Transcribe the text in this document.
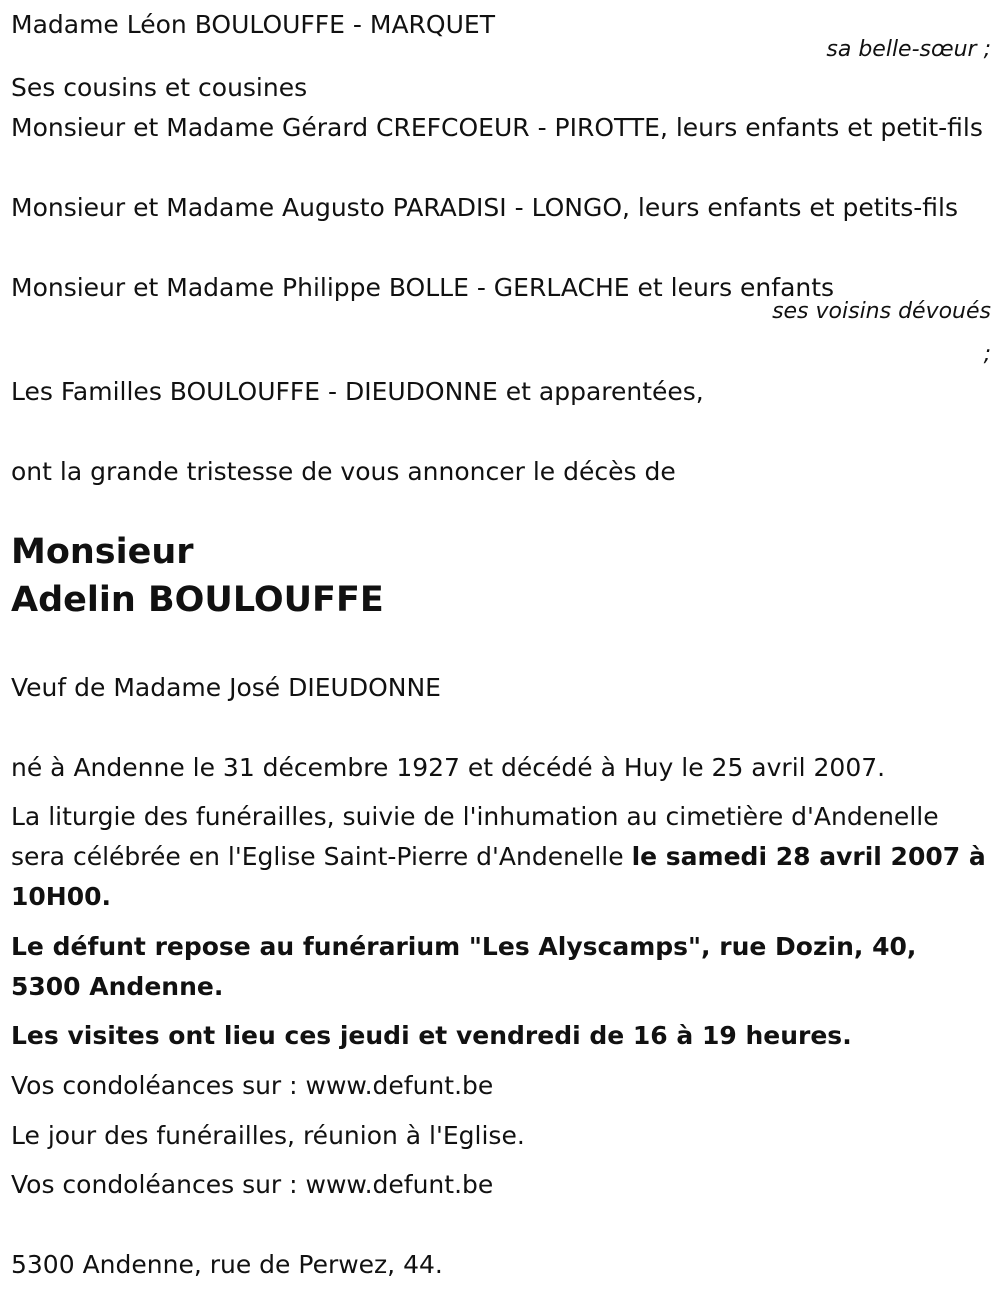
Madame Léon BOULOUFFE - MARQUET
sa belle-sœur ;
Ses cousins et cousines
Monsieur et Madame Gérard CREFCOEUR - PIROTTE, leurs enfants et petit-fils
Monsieur et Madame Augusto PARADISI - LONGO, leurs enfants et petits-fils
Monsieur et Madame Philippe BOLLE - GERLACHE et leurs enfants
ses voisins dévoués
;
Les Familles BOULOUFFE - DIEUDONNE et apparentées,
ont la grande tristesse de vous annoncer le décès de
Monsieur
Adelin BOULOUFFE
Veuf de Madame José DIEUDONNE
né à Andenne le 31 décembre 1927 et décédé à Huy le 25 avril 2007.
La liturgie des funérailles, suivie de l'inhumation au cimetière d'Andenelle sera célébrée en l'Eglise Saint-Pierre d'Andenelle le samedi 28 avril 2007 à 10H00.
Le défunt repose au funérarium "Les Alyscamps", rue Dozin, 40, 5300 Andenne.
Les visites ont lieu ces jeudi et vendredi de 16 à 19 heures.
Vos condoléances sur : www.defunt.be
Le jour des funérailles, réunion à l'Eglise.
Vos condoléances sur : www.defunt.be
5300 Andenne, rue de Perwez, 44.
